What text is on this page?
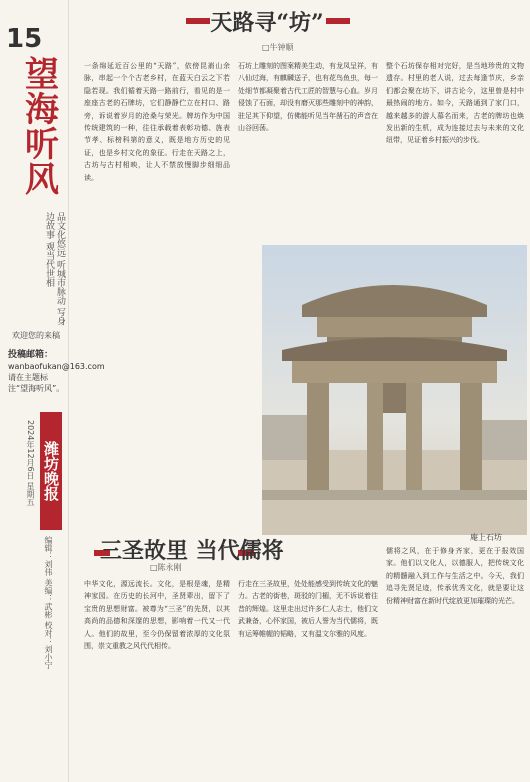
15
望
海
听
风
品文化悠远 听城市脉动 写身边故事 观当代世相
欢迎您的来稿
投稿邮箱：
wanbaofukan@163.com
请在主题标注“望海听风”。
潍坊晚报
2024年12月6日 星期五
编辑：刘伟 美编：武彬 校对：刘小宁
天路寻“坊”
□牛钟顺
一条绵延近百公里的“天路”，依傍昆嵛山余脉，串起一个个古老乡村，在蓝天白云之下若隐若现。我们循着天路一路前行，看见的是一座座古老的石牌坊，它们静静伫立在村口、路旁，诉说着岁月的沧桑与荣光。牌坊作为中国传统建筑的一种，往往承载着表彰功德、旌表节孝、标榜科第的意义，既是地方历史的见证，也是乡村文化的象征。行走在天路之上，古坊与古村相映，让人不禁放慢脚步细细品读。
石坊上雕刻的图案精美生动，有龙凤呈祥，有八仙过海，有麒麟送子，也有花鸟鱼虫，每一处细节都凝聚着古代工匠的智慧与心血。岁月侵蚀了石面，却没有磨灭那些雕刻中的神韵，驻足其下仰望，仿佛能听见当年凿石的声音在山谷回荡。
整个石坊保存相对完好，是当地珍贵的文物遗存。村里的老人说，过去每逢节庆，乡亲们都会聚在坊下，讲古论今，这里曾是村中最热闹的地方。如今，天路通到了家门口，越来越多的游人慕名而来，古老的牌坊也焕发出新的生机，成为连接过去与未来的文化纽带，见证着乡村振兴的步伐。
庵上石坊
三圣故里 当代儒将
□陈永刚
中华文化，源远流长。文化，是根是魂，是精神家园。在历史的长河中，圣贤辈出，留下了宝贵的思想财富。被尊为“三圣”的先贤，以其高尚的品德和深邃的思想，影响着一代又一代人。他们的故里，至今仍保留着浓厚的文化氛围，崇文重教之风代代相传。
行走在三圣故里，处处能感受到传统文化的魅力。古老的街巷，斑驳的门楣，无不诉说着往昔的辉煌。这里走出过许多仁人志士，他们文武兼备，心怀家国，被后人誉为当代儒将，既有运筹帷幄的韬略，又有温文尔雅的风度。
儒将之风，在于修身齐家，更在于报效国家。他们以文化人，以德服人，把传统文化的精髓融入到工作与生活之中。今天，我们追寻先贤足迹，传承优秀文化，就是要让这份精神财富在新时代绽放更加璀璨的光芒。
